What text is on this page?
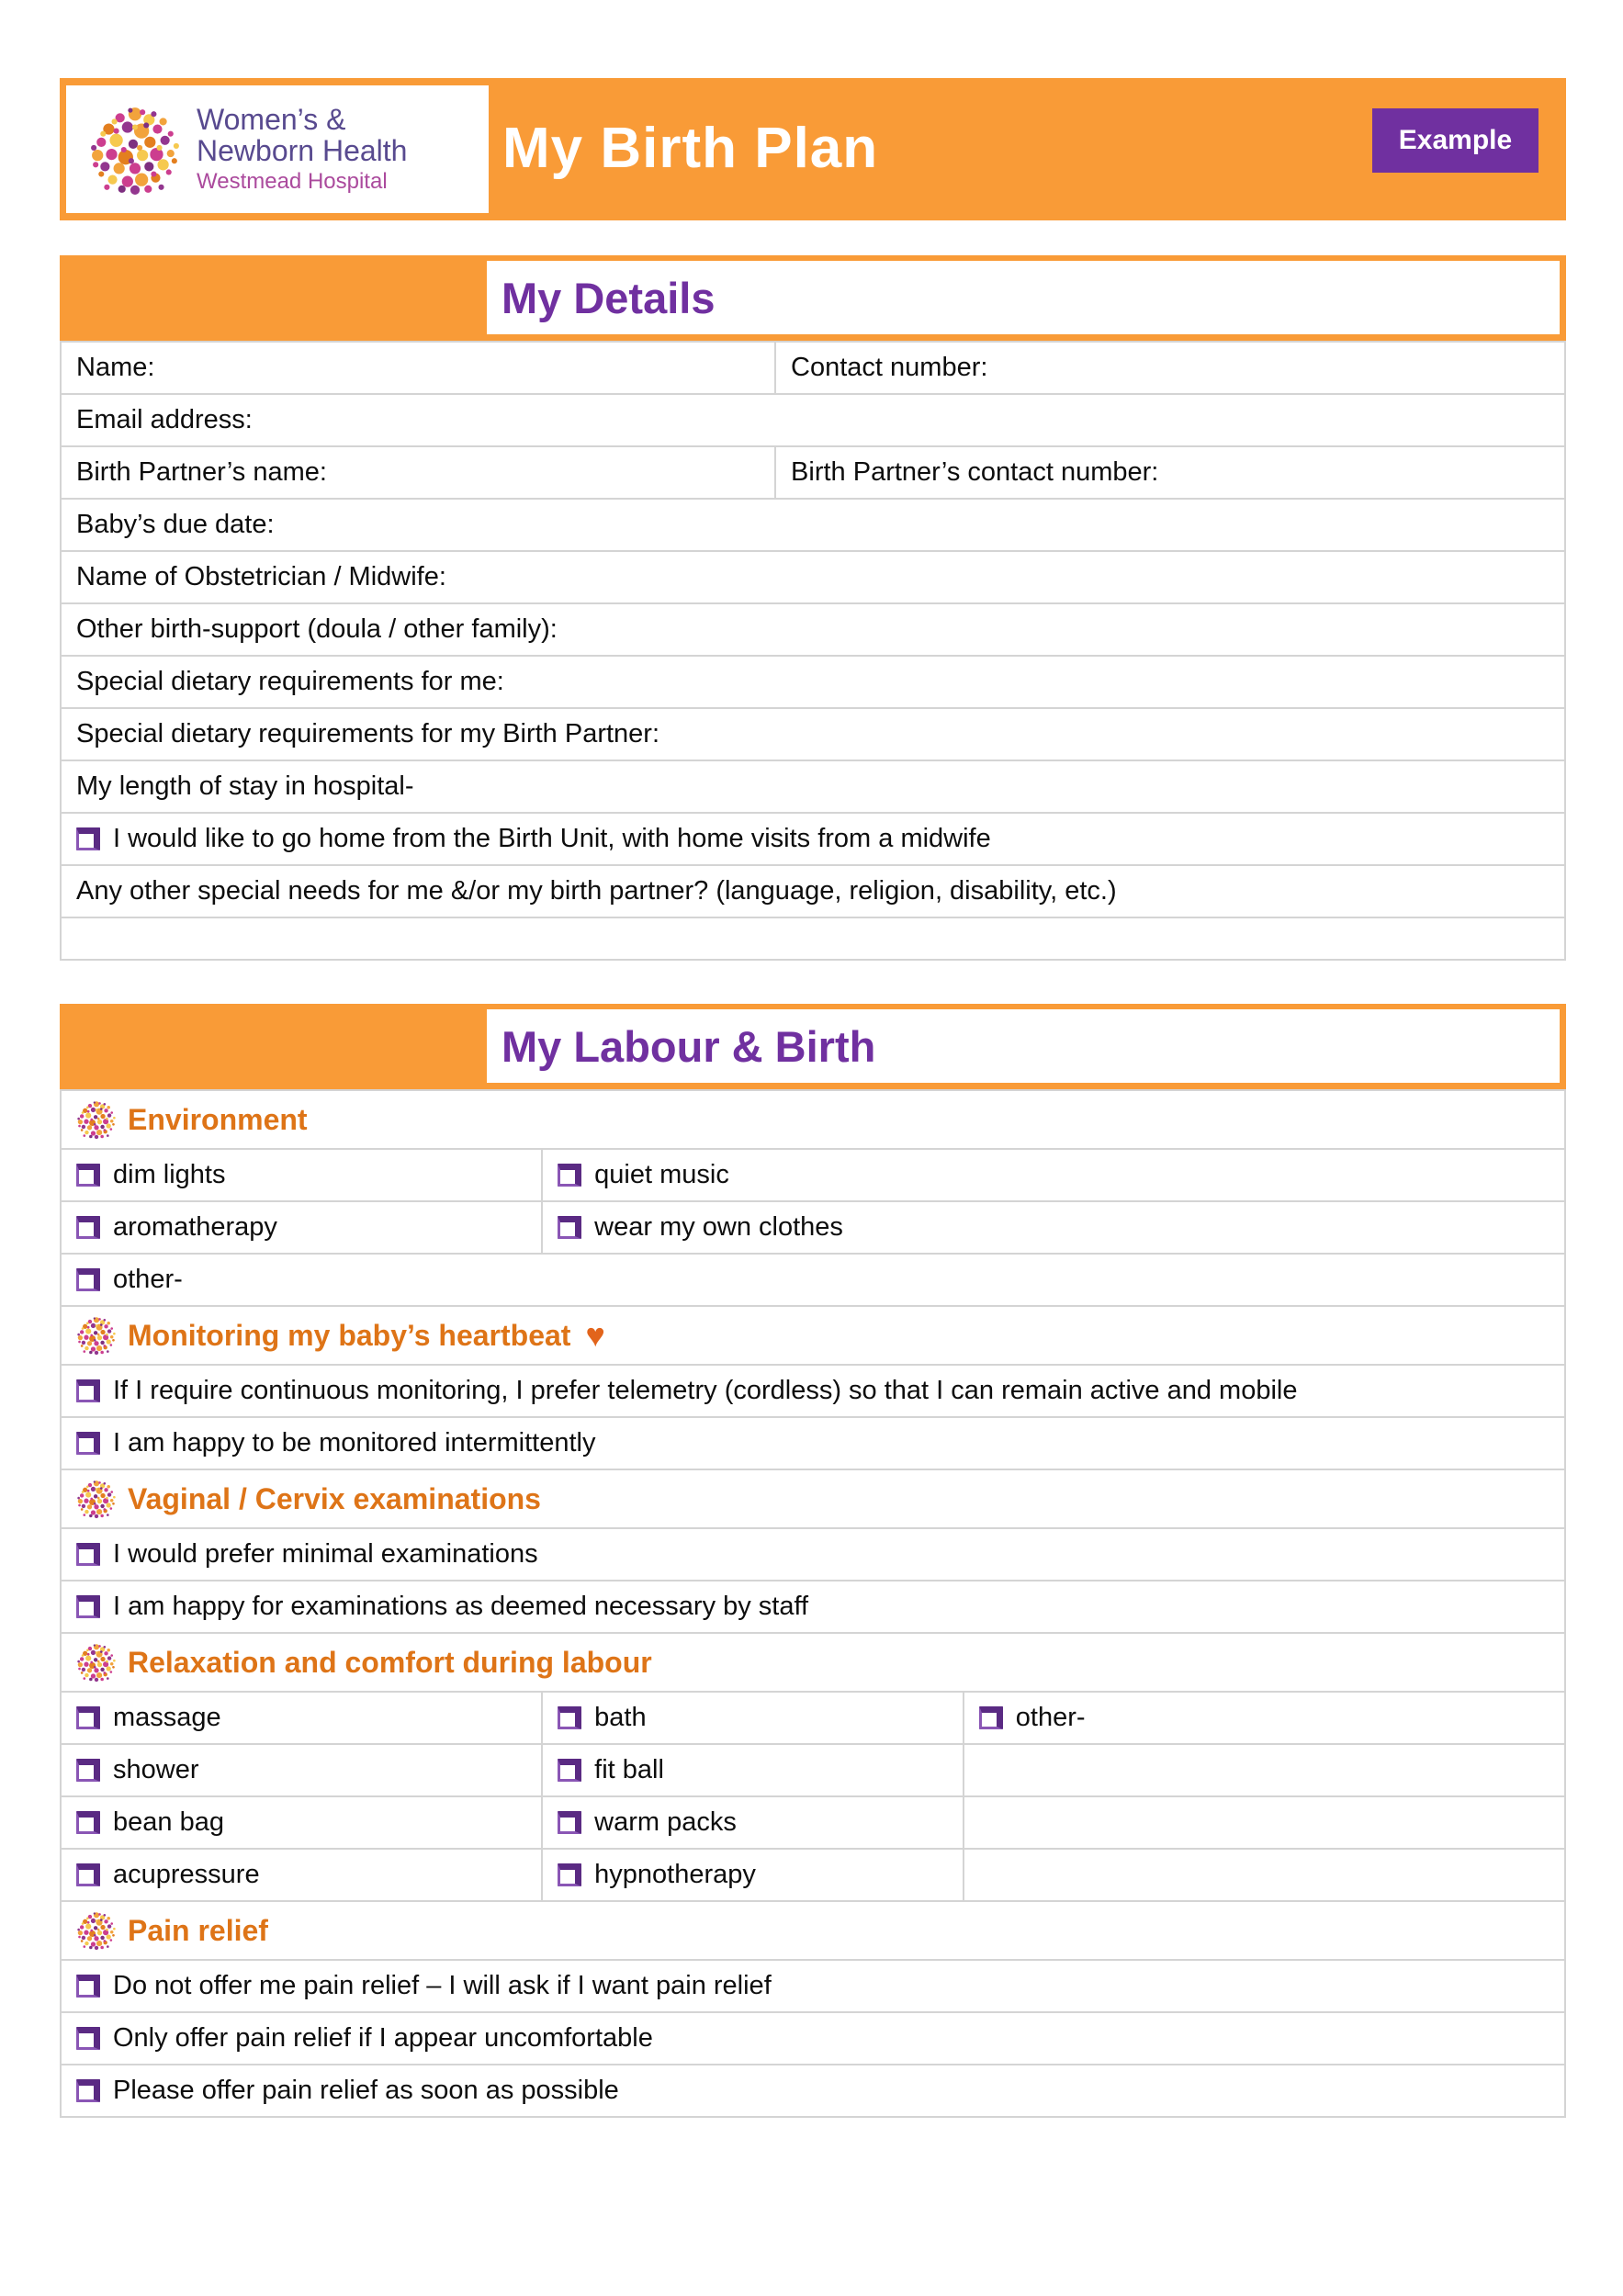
Women’s &
Newborn Health
Westmead Hospital
My Birth Plan	Example
My Details
Name:	Contact number:
Email address:	
Birth Partner’s name:	Birth Partner’s contact number:
Baby’s due date:	
Name of Obstetrician / Midwife:	
Other birth-support (doula / other family):	
Special dietary requirements for me:	
Special dietary requirements for my Birth Partner:	
My length of stay in hospital-	

I would like to go home from the Birth Unit, with home visits from a midwife	

Any other special needs for me &/or my birth partner? (language, religion, disability, etc.)	

My Labour & Birth
Environment		

dim lights	quiet music	

aromatherapy	wear my own clothes	

other-		

Monitoring my baby’s heartbeat ♥		

If I require continuous monitoring, I prefer telemetry (cordless) so that I can remain active and mobile		

I am happy to be monitored intermittently		

Vaginal / Cervix examinations		

I would prefer minimal examinations		

I am happy for examinations as deemed necessary by staff		

Relaxation and comfort during labour		

massage	bath	other-

shower	fit ball	

bean bag	warm packs	

acupressure	hypnotherapy	

Pain relief		

Do not offer me pain relief – I will ask if I want pain relief		

Only offer pain relief if I appear uncomfortable		

Please offer pain relief as soon as possible		
